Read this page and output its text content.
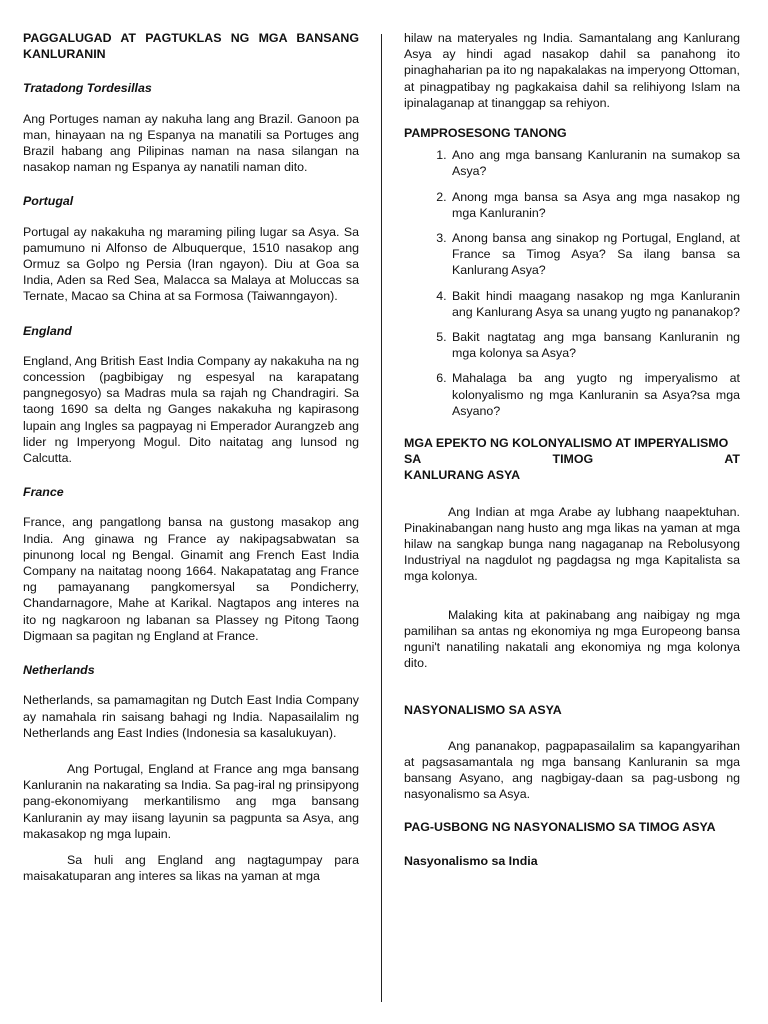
PAGGALUGAD AT PAGTUKLAS NG MGA BANSANG KANLURANIN
Tratadong Tordesillas

Ang Portuges naman ay nakuha lang ang Brazil. Ganoon pa man, hinayaan na ng Espanya na manatili sa Portuges ang Brazil habang ang Pilipinas naman na nasa silangan na nasakop naman ng Espanya ay nanatili naman dito.

Portugal

Portugal ay nakakuha ng maraming piling lugar sa Asya. Sa pamumuno ni Alfonso de Albuquerque, 1510 nasakop ang Ormuz sa Golpo ng Persia (Iran ngayon). Diu at Goa sa India, Aden sa Red Sea, Malacca sa Malaya at Moluccas sa Ternate, Macao sa China at sa Formosa (Taiwanngayon).

England

England, Ang British East India Company ay nakakuha na ng concession (pagbibigay ng espesyal na karapatang pangnegosyo) sa Madras mula sa rajah ng Chandragiri. Sa taong 1690 sa delta ng Ganges nakakuha ng kapirasong lupain ang Ingles sa pagpayag ni Emperador Aurangzeb ang lider ng Imperyong Mogul. Dito naitatag ang lunsod ng Calcutta.

France

France, ang pangatlong bansa na gustong masakop ang India. Ang ginawa ng France ay nakipagsabwatan sa pinunong local ng Bengal. Ginamit ang French East India Company na naitatag noong 1664. Nakapatatag ang France ng pamayanang pangkomersyal sa Pondicherry, Chandarnagore, Mahe at Karikal. Nagtapos ang interes na ito ng nagkaroon ng labanan sa Plassey ng Pitong Taong Digmaan sa pagitan ng England at France.

Netherlands

Netherlands, sa pamamagitan ng Dutch East India Company ay namahala rin saisang bahagi ng India. Napasailalim ng Netherlands ang East Indies (Indonesia sa kasalukuyan).

Ang Portugal, England at France ang mga bansang Kanluranin na nakarating sa India. Sa pag-iral ng prinsipyong pang-ekonomiyang merkantilismo ang mga bansang Kanluranin ay may iisang layunin sa pagpunta sa Asya, ang makasakop ng mga lupain.

Sa huli ang England ang nagtagumpay para maisakatuparan ang interes sa likas na yaman at mga

hilaw na materyales ng India. Samantalang ang Kanlurang Asya ay hindi agad nasakop dahil sa panahong ito pinaghaharian pa ito ng napakalakas na imperyong Ottoman, at pinagpatibay ng pagkakaisa dahil sa relihiyong Islam na ipinalaganap at tinanggap sa rehiyon.

PAMPROSESONG TANONG
1. Ano ang mga bansang Kanluranin na sumakop sa Asya?
2. Anong mga bansa sa Asya ang mga nasakop ng mga Kanluranin?
3. Anong bansa ang sinakop ng Portugal, England, at France sa Timog Asya? Sa ilang bansa sa Kanlurang Asya?
4. Bakit hindi maagang nasakop ng mga Kanluranin ang Kanlurang Asya sa unang yugto ng pananakop?
5. Bakit nagtatag ang mga bansang Kanluranin ng mga kolonya sa Asya?
6. Mahalaga ba ang yugto ng imperyalismo at kolonyalismo ng mga Kanluranin sa Asya?sa mga Asyano?
MGA EPEKTO NG KOLONYALISMO AT IMPERYALISMO
SA	TIMOG	AT
KANLURANG ASYA

Ang Indian at mga Arabe ay lubhang naapektuhan. Pinakinabangan nang husto ang mga likas na yaman at mga hilaw na sangkap bunga nang nagaganap na Rebolusyong Industriyal na nagdulot ng pagdagsa ng mga Kapitalista sa mga kolonya.

Malaking kita at pakinabang ang naibigay ng mga pamilihan sa antas ng ekonomiya ng mga Europeong bansa nguni't nanatiling nakatali ang ekonomiya ng mga kolonya dito.

NASYONALISMO SA ASYA

Ang pananakop, pagpapasailalim sa kapangyarihan at pagsasamantala ng mga bansang Kanluranin sa mga bansang Asyano, ang nagbigay-daan sa pag-usbong ng nasyonalismo sa Asya.

PAG-USBONG NG NASYONALISMO SA TIMOG ASYA
Nasyonalismo sa India
